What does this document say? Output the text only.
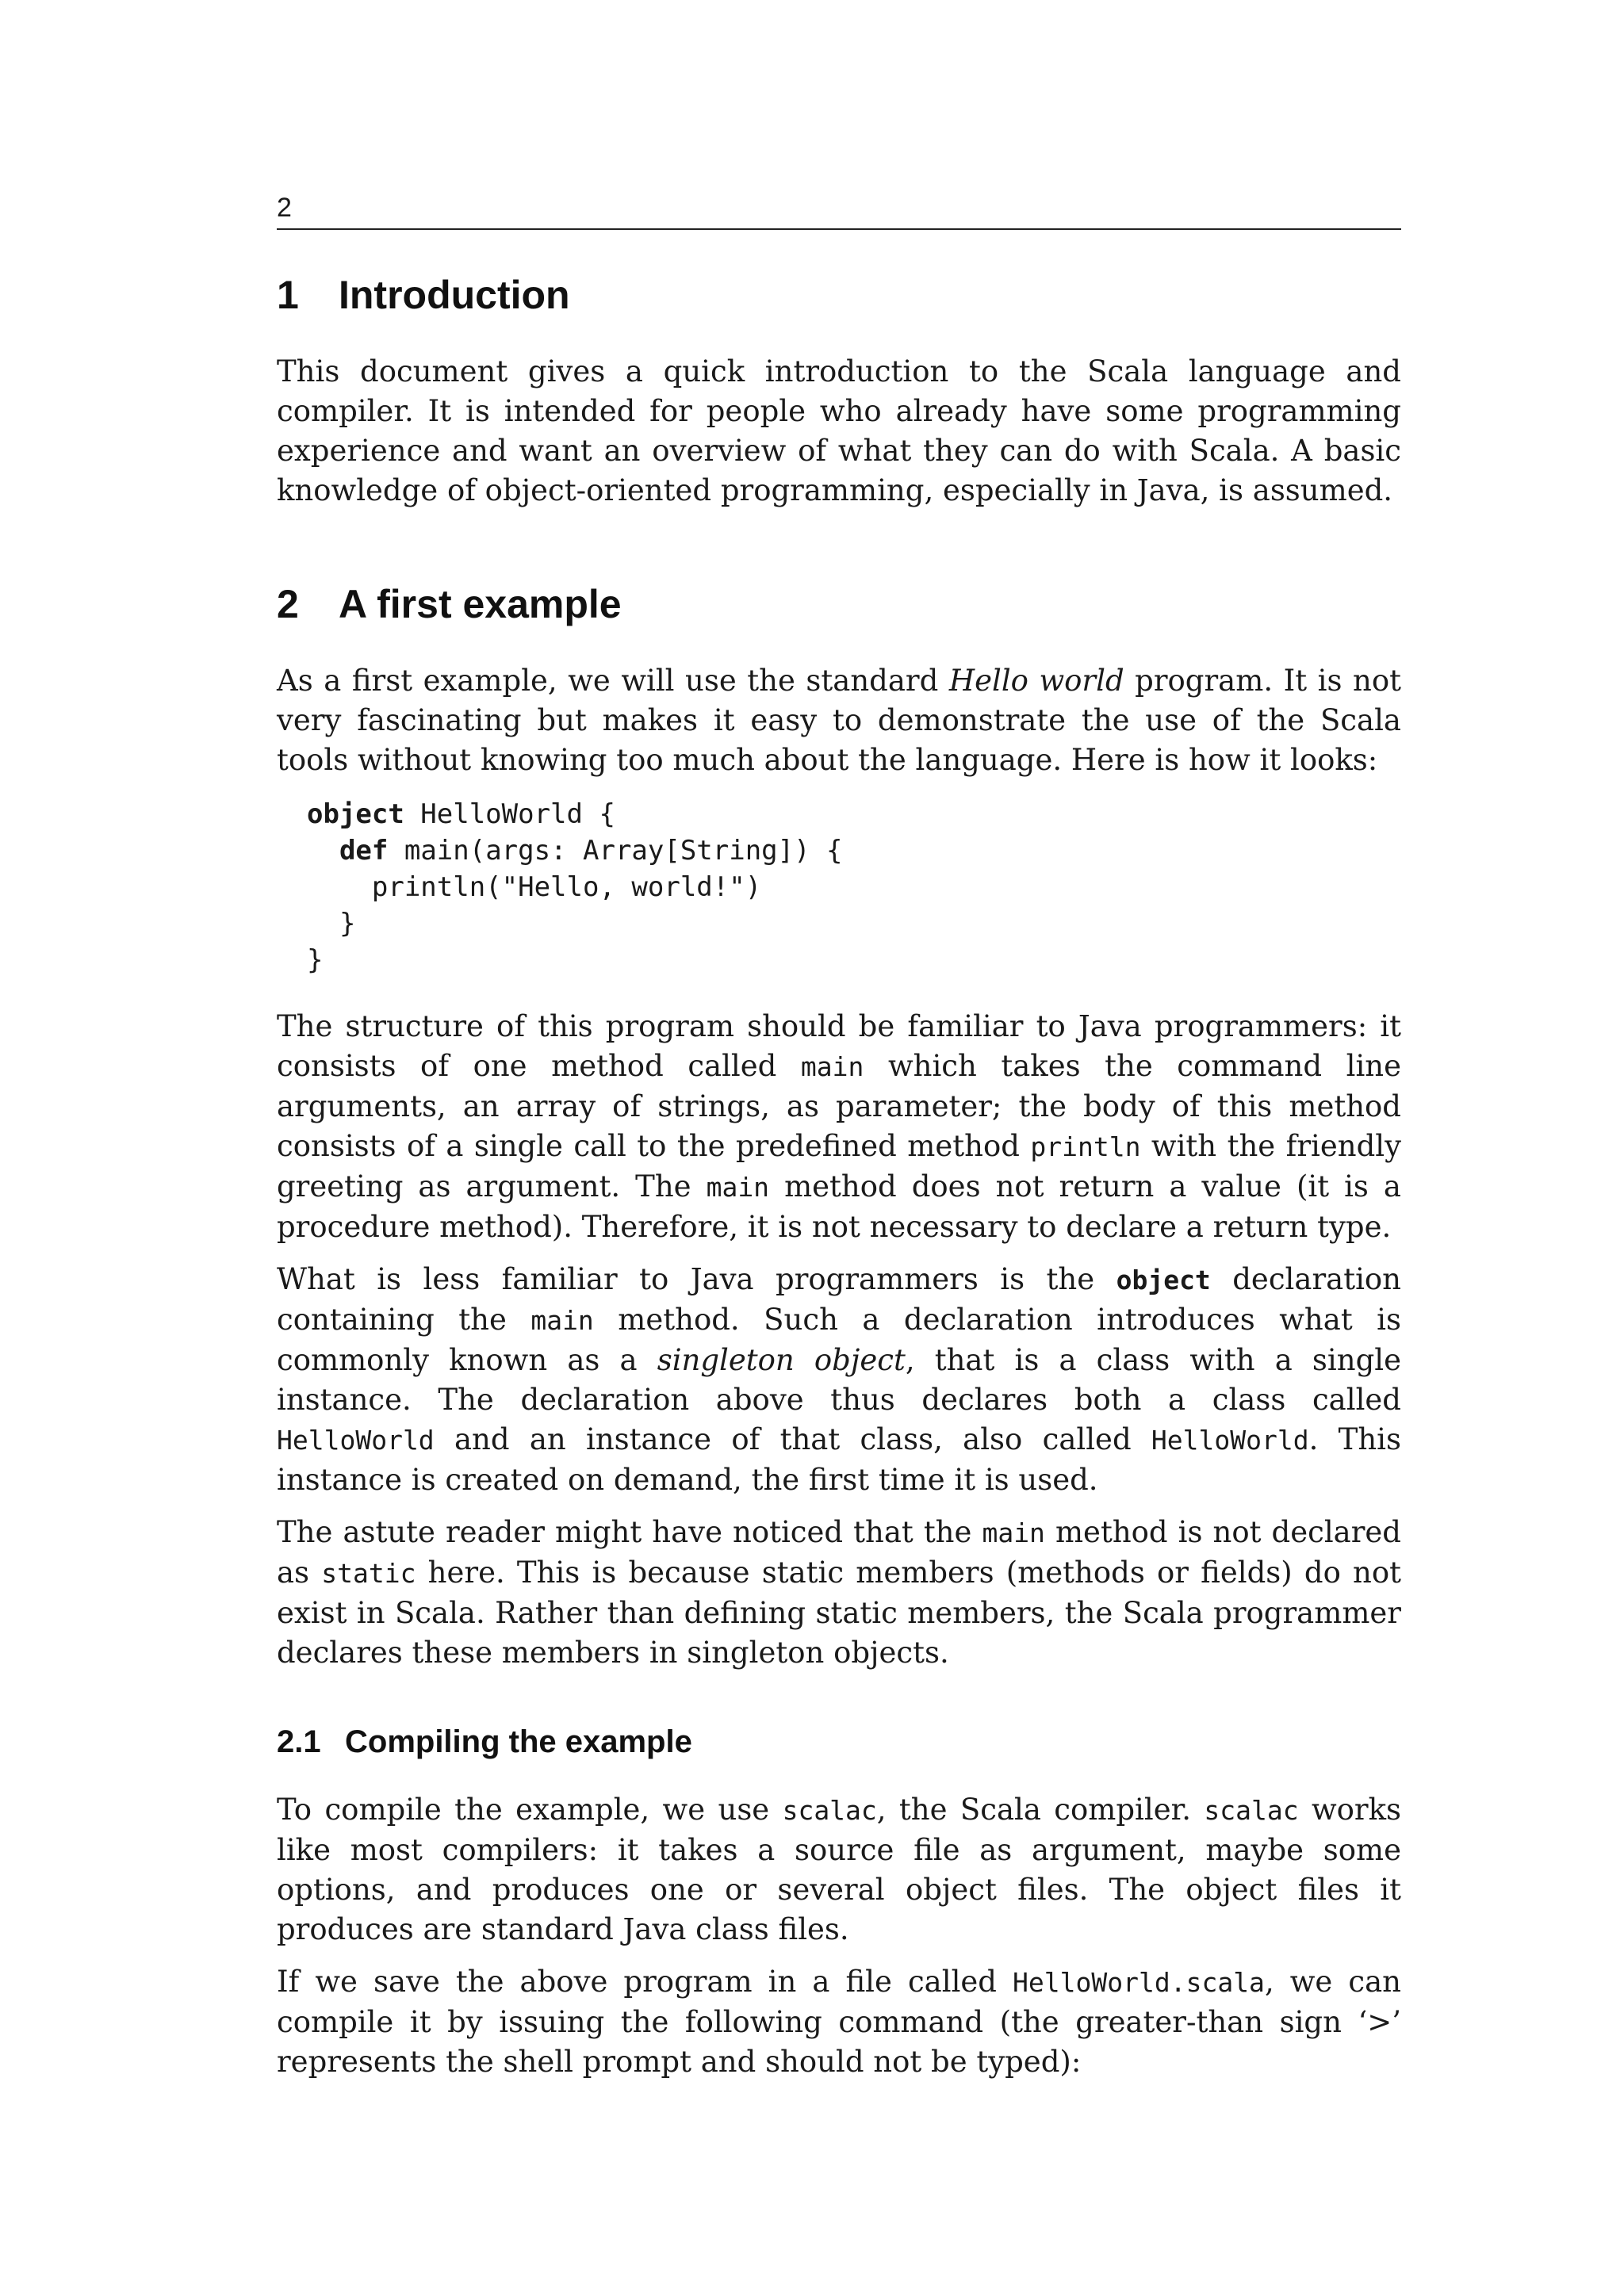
2
1 Introduction

This document gives a quick introduction to the Scala language and compiler. It is intended for people who already have some programming experience and want an overview of what they can do with Scala. A basic knowledge of object-oriented programming, especially in Java, is assumed.

2 A first example

As a first example, we will use the standard Hello world program. It is not very fascinating but makes it easy to demonstrate the use of the Scala tools without knowing too much about the language. Here is how it looks:

object HelloWorld {
def main(args: Array[String]) {
println("Hello, world!")
}
}

The structure of this program should be familiar to Java programmers: it consists of one method called main which takes the command line arguments, an array of strings, as parameter; the body of this method consists of a single call to the predefined method println with the friendly greeting as argument. The main method does not return a value (it is a procedure method). Therefore, it is not necessary to declare a return type.

What is less familiar to Java programmers is the object declaration containing the main method. Such a declaration introduces what is commonly known as a singleton object, that is a class with a single instance. The declaration above thus declares both a class called HelloWorld and an instance of that class, also called HelloWorld. This instance is created on demand, the first time it is used.

The astute reader might have noticed that the main method is not declared as static here. This is because static members (methods or fields) do not exist in Scala. Rather than defining static members, the Scala programmer declares these members in singleton objects.

2.1 Compiling the example

To compile the example, we use scalac, the Scala compiler. scalac works like most compilers: it takes a source file as argument, maybe some options, and produces one or several object files. The object files it produces are standard Java class files.

If we save the above program in a file called HelloWorld.scala, we can compile it by issuing the following command (the greater-than sign ‘>’ represents the shell prompt and should not be typed):
